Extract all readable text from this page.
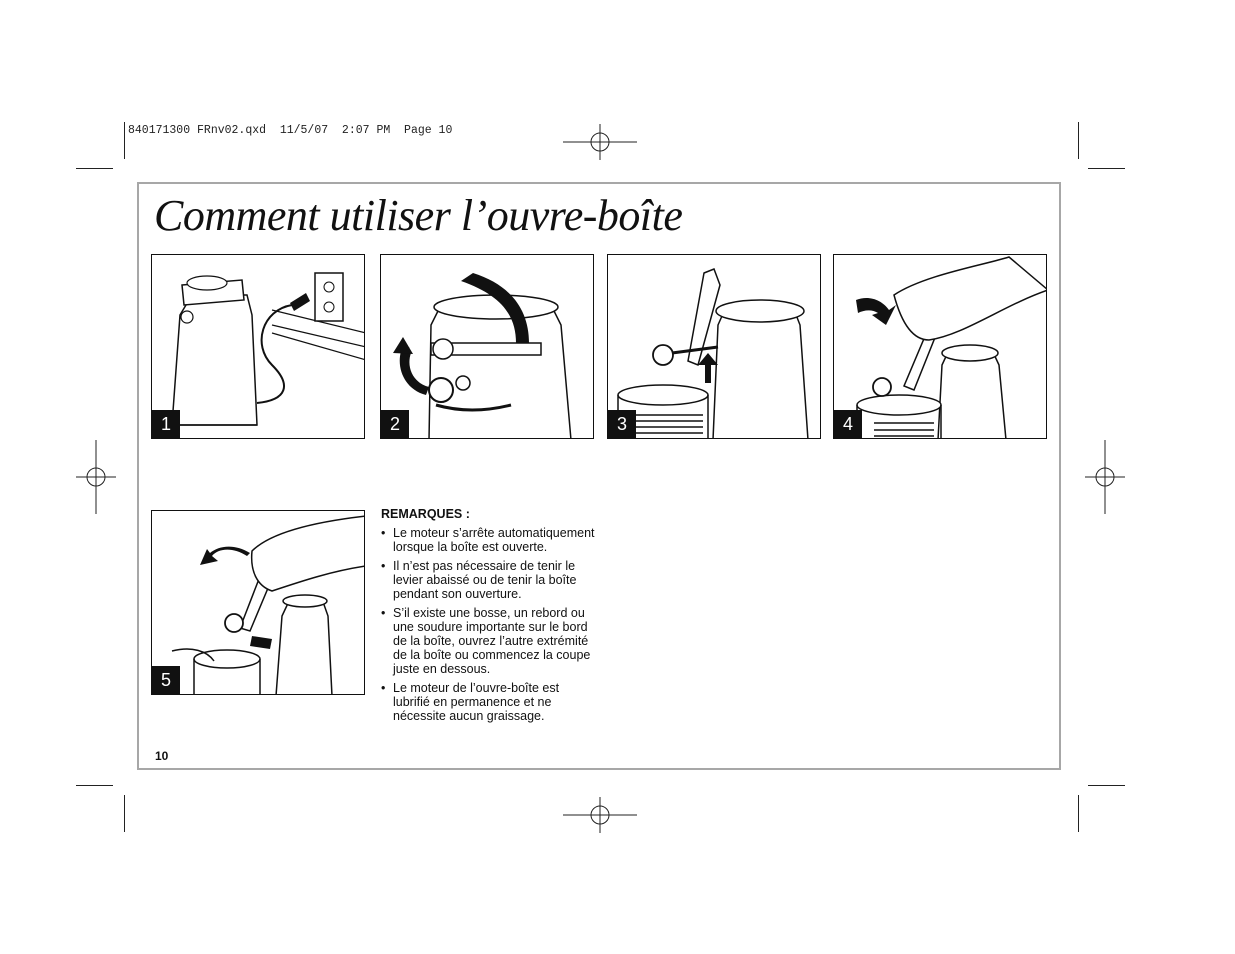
840171300 FRnv02.qxd  11/5/07  2:07 PM  Page 10
Comment utiliser l’ouvre-boîte
1	2	3	4
5
REMARQUES :
• Le moteur s’arrête automatiquement lorsque la boîte est ouverte.
• Il n’est pas nécessaire de tenir le levier abaissé ou de tenir la boîte pendant son ouverture.
• S’il existe une bosse, un rebord ou une soudure importante sur le bord de la boîte, ouvrez l’autre extrémité de la boîte ou commencez la coupe juste en dessous.
• Le moteur de l’ouvre-boîte est lubrifié en permanence et ne nécessite aucun graissage.
10
